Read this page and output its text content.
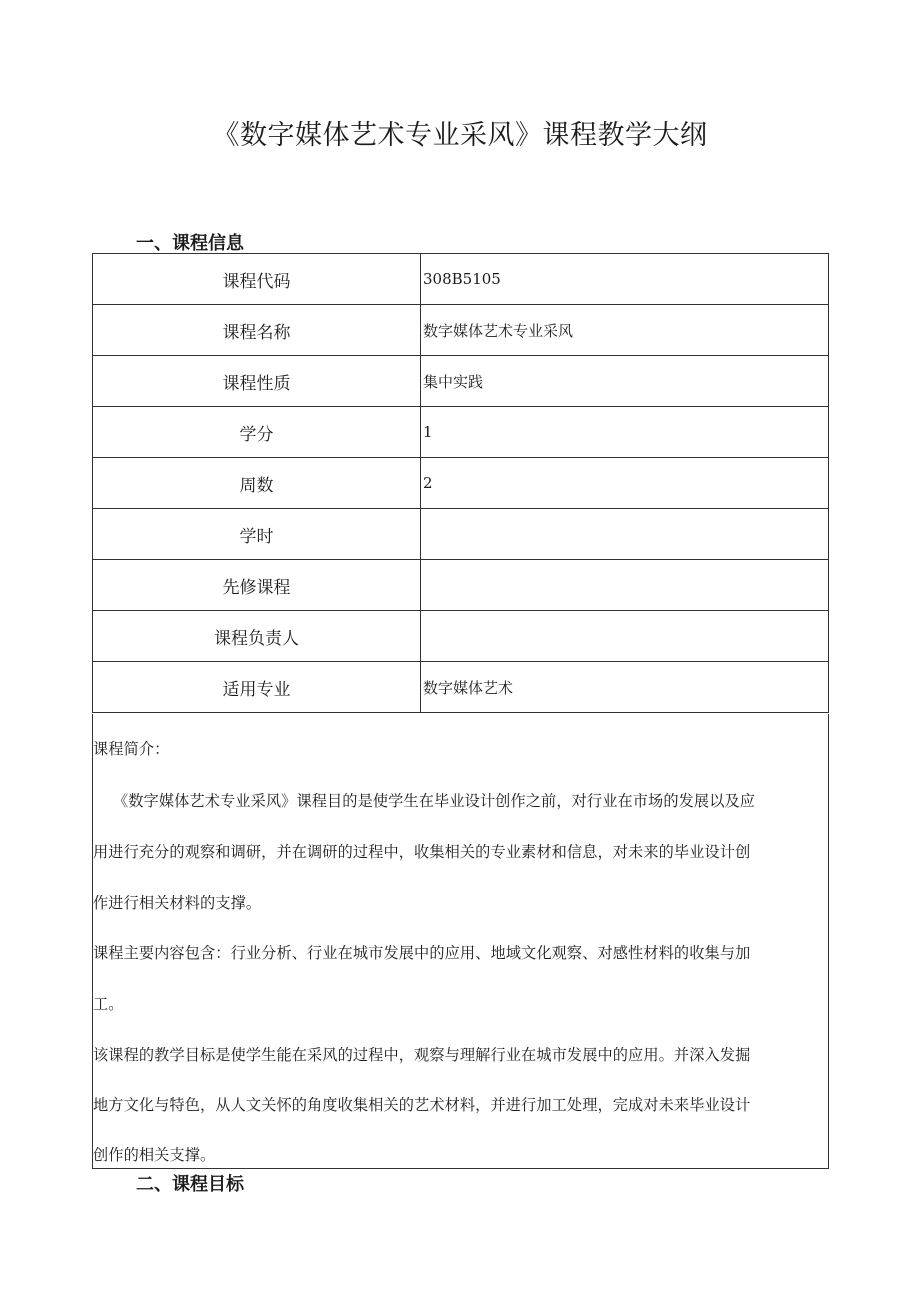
《数字媒体艺术专业采风》课程教学大纲
一、课程信息
课程代码	308B5105
课程名称	数字媒体艺术专业采风
课程性质	集中实践
学分	1
周数	2
学时	
先修课程	
课程负责人	
适用专业	数字媒体艺术
课程简介：
《数字媒体艺术专业采风》课程目的是使学生在毕业设计创作之前，对行业在市场的发展以及应
用进行充分的观察和调研，并在调研的过程中，收集相关的专业素材和信息，对未来的毕业设计创
作进行相关材料的支撑。
课程主要内容包含：行业分析、行业在城市发展中的应用、地域文化观察、对感性材料的收集与加
工。
该课程的教学目标是使学生能在采风的过程中，观察与理解行业在城市发展中的应用。并深入发掘
地方文化与特色，从人文关怀的角度收集相关的艺术材料，并进行加工处理，完成对未来毕业设计
创作的相关支撑。
二、课程目标
